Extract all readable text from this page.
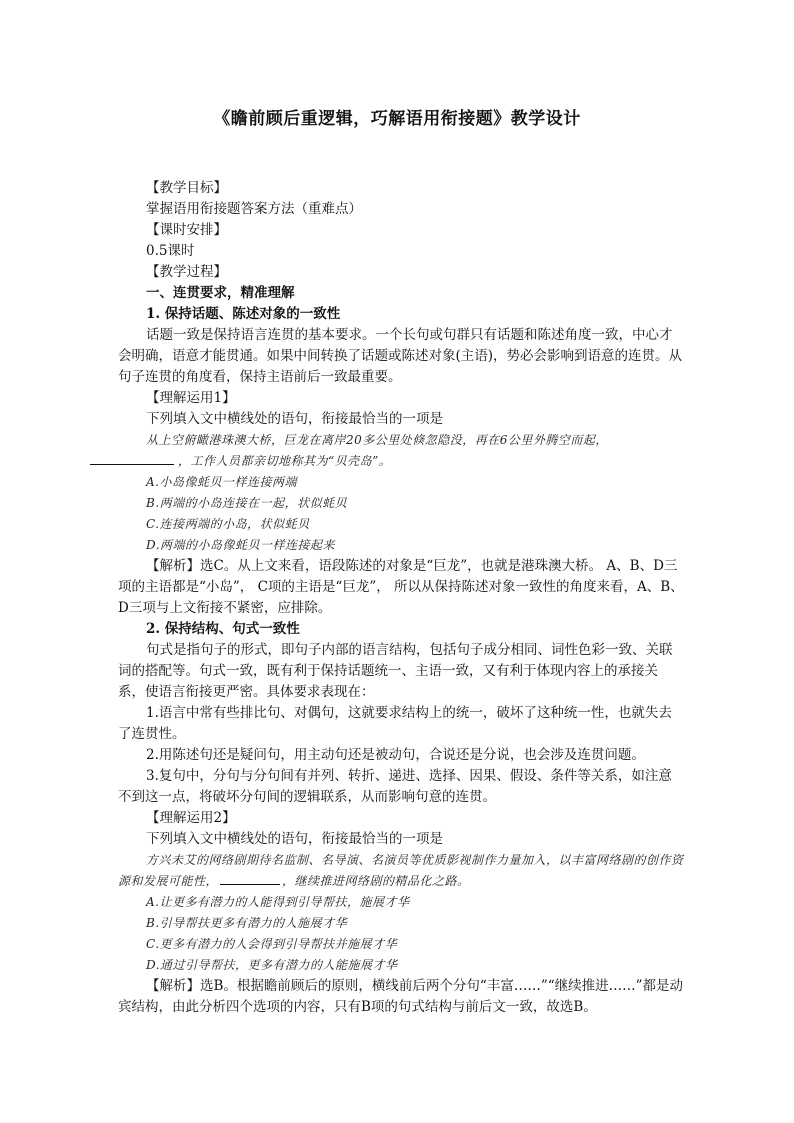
《瞻前顾后重逻辑，巧解语用衔接题》教学设计

【教学目标】

掌握语用衔接题答案方法（重难点）

【课时安排】

0.5课时

【教学过程】

一、连贯要求，精准理解

1. 保持话题、陈述对象的一致性

话题一致是保持语言连贯的基本要求。一个长句或句群只有话题和陈述角度一致，中心才会明确，语意才能贯通。如果中间转换了话题或陈述对象(主语)，势必会影响到语意的连贯。从句子连贯的角度看，保持主语前后一致最重要。

【理解运用1】

下列填入文中横线处的语句，衔接最恰当的一项是

从上空俯瞰港珠澳大桥，巨龙在离岸20多公里处倏忽隐没，再在6公里外腾空而起，
，工作人员都亲切地称其为“贝壳岛”。

A.小岛像蚝贝一样连接两端

B.两端的小岛连接在一起，状似蚝贝

C.连接两端的小岛，状似蚝贝

D.两端的小岛像蚝贝一样连接起来

【解析】选C。从上文来看，语段陈述的对象是“巨龙”，也就是港珠澳大桥。 A、B、D三项的主语都是“小岛”， C项的主语是“巨龙”， 所以从保持陈述对象一致性的角度来看，A、B、D三项与上文衔接不紧密，应排除。

2. 保持结构、句式一致性

句式是指句子的形式，即句子内部的语言结构，包括句子成分相同、词性色彩一致、关联词的搭配等。句式一致，既有利于保持话题统一、主语一致，又有利于体现内容上的承接关系，使语言衔接更严密。具体要求表现在：

1.语言中常有些排比句、对偶句，这就要求结构上的统一，破坏了这种统一性，也就失去了连贯性。

2.用陈述句还是疑问句，用主动句还是被动句，合说还是分说，也会涉及连贯问题。

3.复句中，分句与分句间有并列、转折、递进、选择、因果、假设、条件等关系，如注意不到这一点，将破坏分句间的逻辑联系，从而影响句意的连贯。

【理解运用2】

下列填入文中横线处的语句，衔接最恰当的一项是

方兴未艾的网络剧期待名监制、名导演、名演员等优质影视制作力量加入，以丰富网络剧的创作资源和发展可能性，	，继续推进网络剧的精品化之路。

A.让更多有潜力的人能得到引导帮扶，施展才华

B.引导帮扶更多有潜力的人施展才华

C.更多有潜力的人会得到引导帮扶并施展才华

D.通过引导帮扶，更多有潜力的人能施展才华

【解析】选B。根据瞻前顾后的原则，横线前后两个分句“丰富……”“继续推进……”都是动宾结构，由此分析四个选项的内容，只有B项的句式结构与前后文一致，故选B。
